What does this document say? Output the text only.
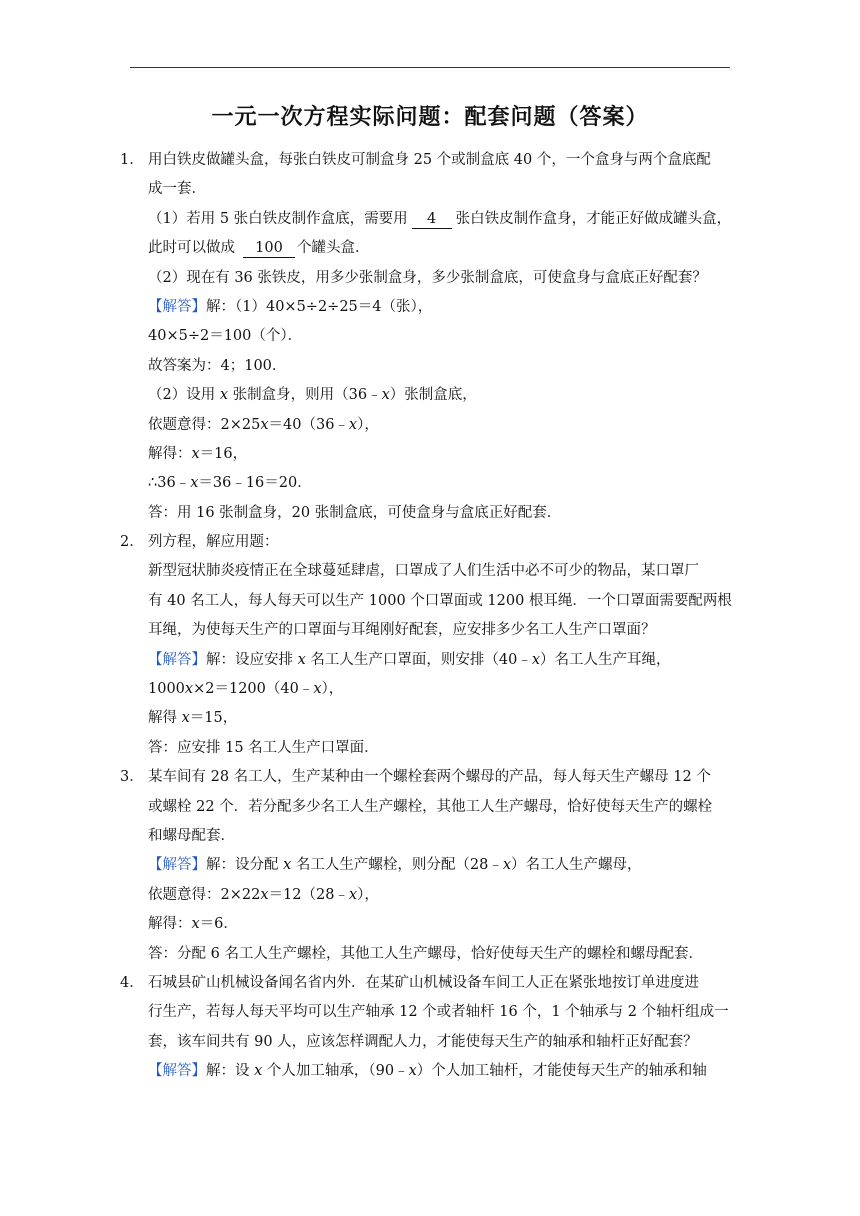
一元一次方程实际问题：配套问题（答案）
1． 用白铁皮做罐头盒，每张白铁皮可制盒身 25 个或制盒底 40 个，一个盒身与两个盒底配
成一套．
（1）若用 5 张白铁皮制作盒底，需要用 4 张白铁皮制作盒身，才能正好做成罐头盒，
此时可以做成 100 个罐头盒．
（2）现在有 36 张铁皮，用多少张制盒身，多少张制盒底，可使盒身与盒底正好配套？
【解答】解：（1）40×5÷2÷25＝4（张），
40×5÷2＝100（个）．
故答案为：4；100．
（2）设用 x 张制盒身，则用（36﹣x）张制盒底，
依题意得：2×25x＝40（36﹣x），
解得：x＝16，
∴36﹣x＝36﹣16＝20．
答：用 16 张制盒身，20 张制盒底，可使盒身与盒底正好配套．
2． 列方程，解应用题：
新型冠状肺炎疫情正在全球蔓延肆虐，口罩成了人们生活中必不可少的物品，某口罩厂
有 40 名工人，每人每天可以生产 1000 个口罩面或 1200 根耳绳．一个口罩面需要配两根
耳绳，为使每天生产的口罩面与耳绳刚好配套，应安排多少名工人生产口罩面？
【解答】解：设应安排 x 名工人生产口罩面，则安排（40﹣x）名工人生产耳绳，
1000x×2＝1200（40﹣x），
解得 x＝15，
答：应安排 15 名工人生产口罩面．
3． 某车间有 28 名工人，生产某种由一个螺栓套两个螺母的产品，每人每天生产螺母 12 个
或螺栓 22 个．若分配多少名工人生产螺栓，其他工人生产螺母，恰好使每天生产的螺栓
和螺母配套．
【解答】解：设分配 x 名工人生产螺栓，则分配（28﹣x）名工人生产螺母，
依题意得：2×22x＝12（28﹣x），
解得：x＝6．
答：分配 6 名工人生产螺栓，其他工人生产螺母，恰好使每天生产的螺栓和螺母配套．
4． 石城县矿山机械设备闻名省内外．在某矿山机械设备车间工人正在紧张地按订单进度进
行生产，若每人每天平均可以生产轴承 12 个或者轴杆 16 个，1 个轴承与 2 个轴杆组成一
套，该车间共有 90 人，应该怎样调配人力，才能使每天生产的轴承和轴杆正好配套？
【解答】解：设 x 个人加工轴承，（90﹣x）个人加工轴杆，才能使每天生产的轴承和轴
